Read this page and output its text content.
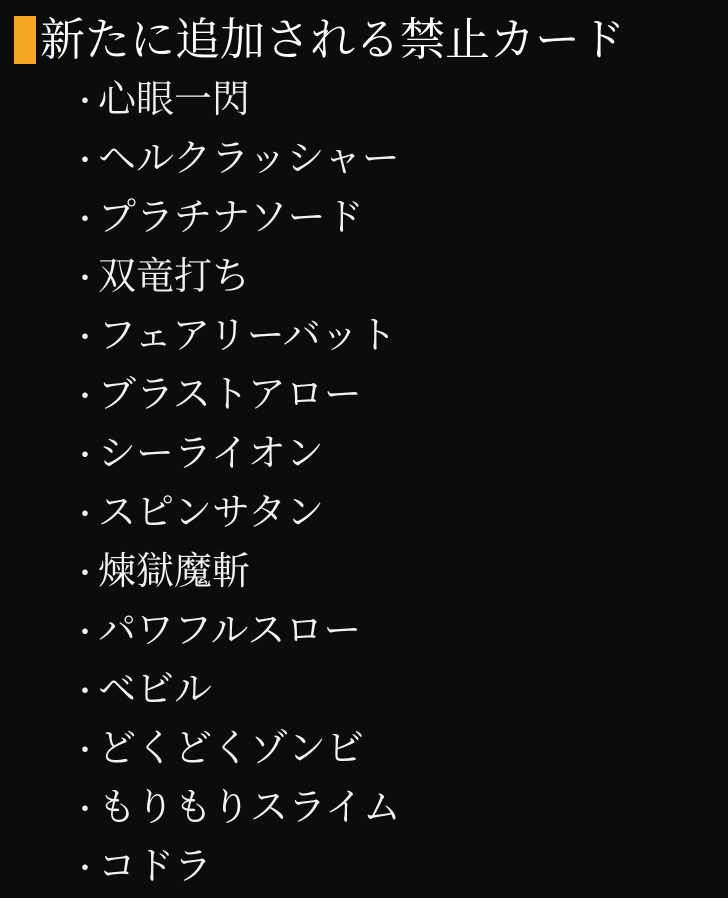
新たに追加される禁止カード
・
心眼一閃
・
ヘルクラッシャー
・
プラチナソード
・
双竜打ち
・
フェアリーバット
・
ブラストアロー
・
シーライオン
・
スピンサタン
・
煉獄魔斬
・
パワフルスロー
・
ベビル
・
どくどくゾンビ
・
もりもりスライム
・
コドラ
